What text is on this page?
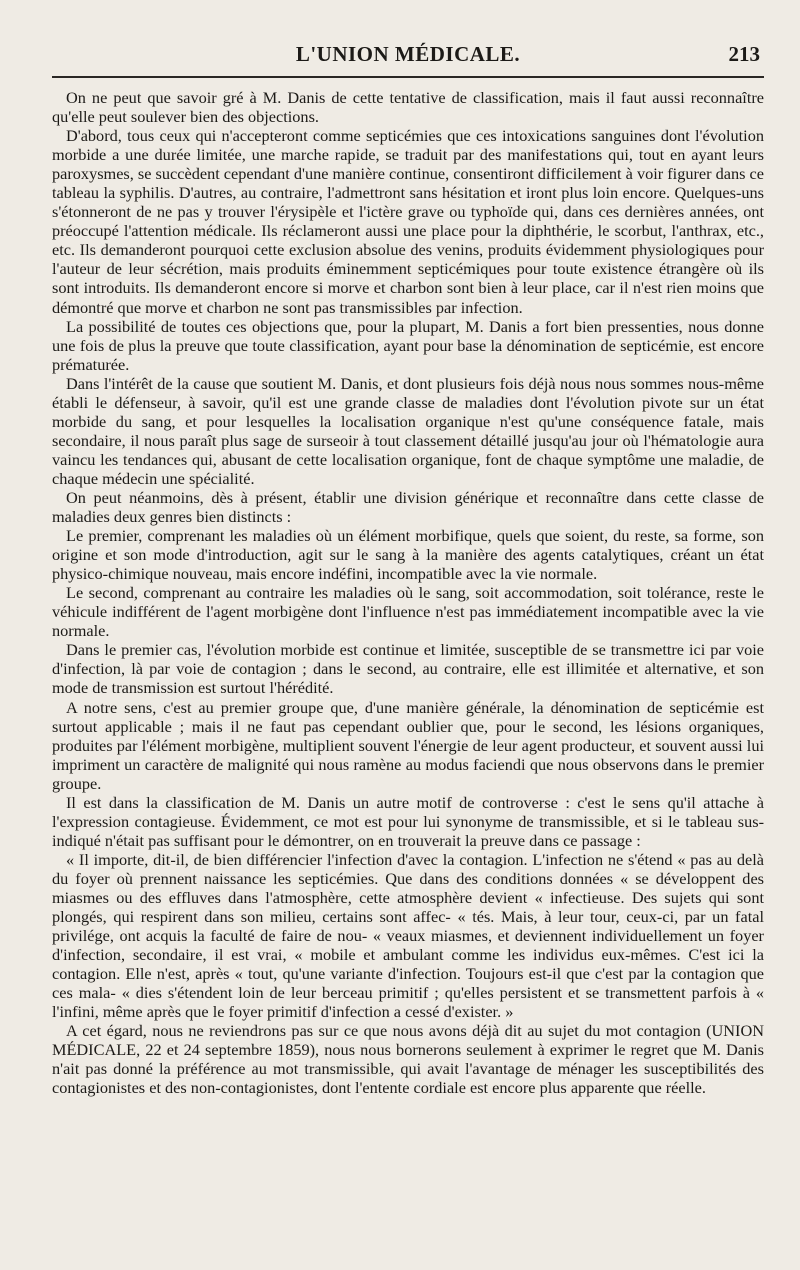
L'UNION MÉDICALE.	213

On ne peut que savoir gré à M. Danis de cette tentative de classification, mais il faut aussi reconnaître qu'elle peut soulever bien des objections.

D'abord, tous ceux qui n'accepteront comme septicémies que ces intoxications sanguines dont l'évolution morbide a une durée limitée, une marche rapide, se traduit par des manifestations qui, tout en ayant leurs paroxysmes, se succèdent cependant d'une manière continue, consentiront difficilement à voir figurer dans ce tableau la syphilis. D'autres, au contraire, l'admettront sans hésitation et iront plus loin encore. Quelques-uns s'étonneront de ne pas y trouver l'érysipèle et l'ictère grave ou typhoïde qui, dans ces dernières années, ont préoccupé l'attention médicale. Ils réclameront aussi une place pour la diphthérie, le scorbut, l'anthrax, etc., etc. Ils demanderont pourquoi cette exclusion absolue des venins, produits évidemment physiologiques pour l'auteur de leur sécrétion, mais produits éminemment septicémiques pour toute existence étrangère où ils sont introduits. Ils demanderont encore si morve et charbon sont bien à leur place, car il n'est rien moins que démontré que morve et charbon ne sont pas transmissibles par infection.

La possibilité de toutes ces objections que, pour la plupart, M. Danis a fort bien pressenties, nous donne une fois de plus la preuve que toute classification, ayant pour base la dénomination de septicémie, est encore prématurée.

Dans l'intérêt de la cause que soutient M. Danis, et dont plusieurs fois déjà nous nous sommes nous-même établi le défenseur, à savoir, qu'il est une grande classe de maladies dont l'évolution pivote sur un état morbide du sang, et pour lesquelles la localisation organique n'est qu'une conséquence fatale, mais secondaire, il nous paraît plus sage de surseoir à tout classement détaillé jusqu'au jour où l'hématologie aura vaincu les tendances qui, abusant de cette localisation organique, font de chaque symptôme une maladie, de chaque médecin une spécialité.

On peut néanmoins, dès à présent, établir une division générique et reconnaître dans cette classe de maladies deux genres bien distincts :

Le premier, comprenant les maladies où un élément morbifique, quels que soient, du reste, sa forme, son origine et son mode d'introduction, agit sur le sang à la manière des agents catalytiques, créant un état physico-chimique nouveau, mais encore indéfini, incompatible avec la vie normale.

Le second, comprenant au contraire les maladies où le sang, soit accommodation, soit tolérance, reste le véhicule indifférent de l'agent morbigène dont l'influence n'est pas immédiatement incompatible avec la vie normale.

Dans le premier cas, l'évolution morbide est continue et limitée, susceptible de se transmettre ici par voie d'infection, là par voie de contagion ; dans le second, au contraire, elle est illimitée et alternative, et son mode de transmission est surtout l'hérédité.

A notre sens, c'est au premier groupe que, d'une manière générale, la dénomination de septicémie est surtout applicable ; mais il ne faut pas cependant oublier que, pour le second, les lésions organiques, produites par l'élément morbigène, multiplient souvent l'énergie de leur agent producteur, et souvent aussi lui impriment un caractère de malignité qui nous ramène au modus faciendi que nous observons dans le premier groupe.

Il est dans la classification de M. Danis un autre motif de controverse : c'est le sens qu'il attache à l'expression contagieuse. Évidemment, ce mot est pour lui synonyme de transmissible, et si le tableau sus-indiqué n'était pas suffisant pour le démontrer, on en trouverait la preuve dans ce passage :

« Il importe, dit-il, de bien différencier l'infection d'avec la contagion. L'infection ne s'étend « pas au delà du foyer où prennent naissance les septicémies. Que dans des conditions données « se développent des miasmes ou des effluves dans l'atmosphère, cette atmosphère devient « infectieuse. Des sujets qui sont plongés, qui respirent dans son milieu, certains sont affec- « tés. Mais, à leur tour, ceux-ci, par un fatal privilége, ont acquis la faculté de faire de nou- « veaux miasmes, et deviennent individuellement un foyer d'infection, secondaire, il est vrai, « mobile et ambulant comme les individus eux-mêmes. C'est ici la contagion. Elle n'est, après « tout, qu'une variante d'infection. Toujours est-il que c'est par la contagion que ces mala- « dies s'étendent loin de leur berceau primitif ; qu'elles persistent et se transmettent parfois à « l'infini, même après que le foyer primitif d'infection a cessé d'exister. »

A cet égard, nous ne reviendrons pas sur ce que nous avons déjà dit au sujet du mot contagion (UNION MÉDICALE, 22 et 24 septembre 1859), nous nous bornerons seulement à exprimer le regret que M. Danis n'ait pas donné la préférence au mot transmissible, qui avait l'avantage de ménager les susceptibilités des contagionistes et des non-contagionistes, dont l'entente cordiale est encore plus apparente que réelle.
